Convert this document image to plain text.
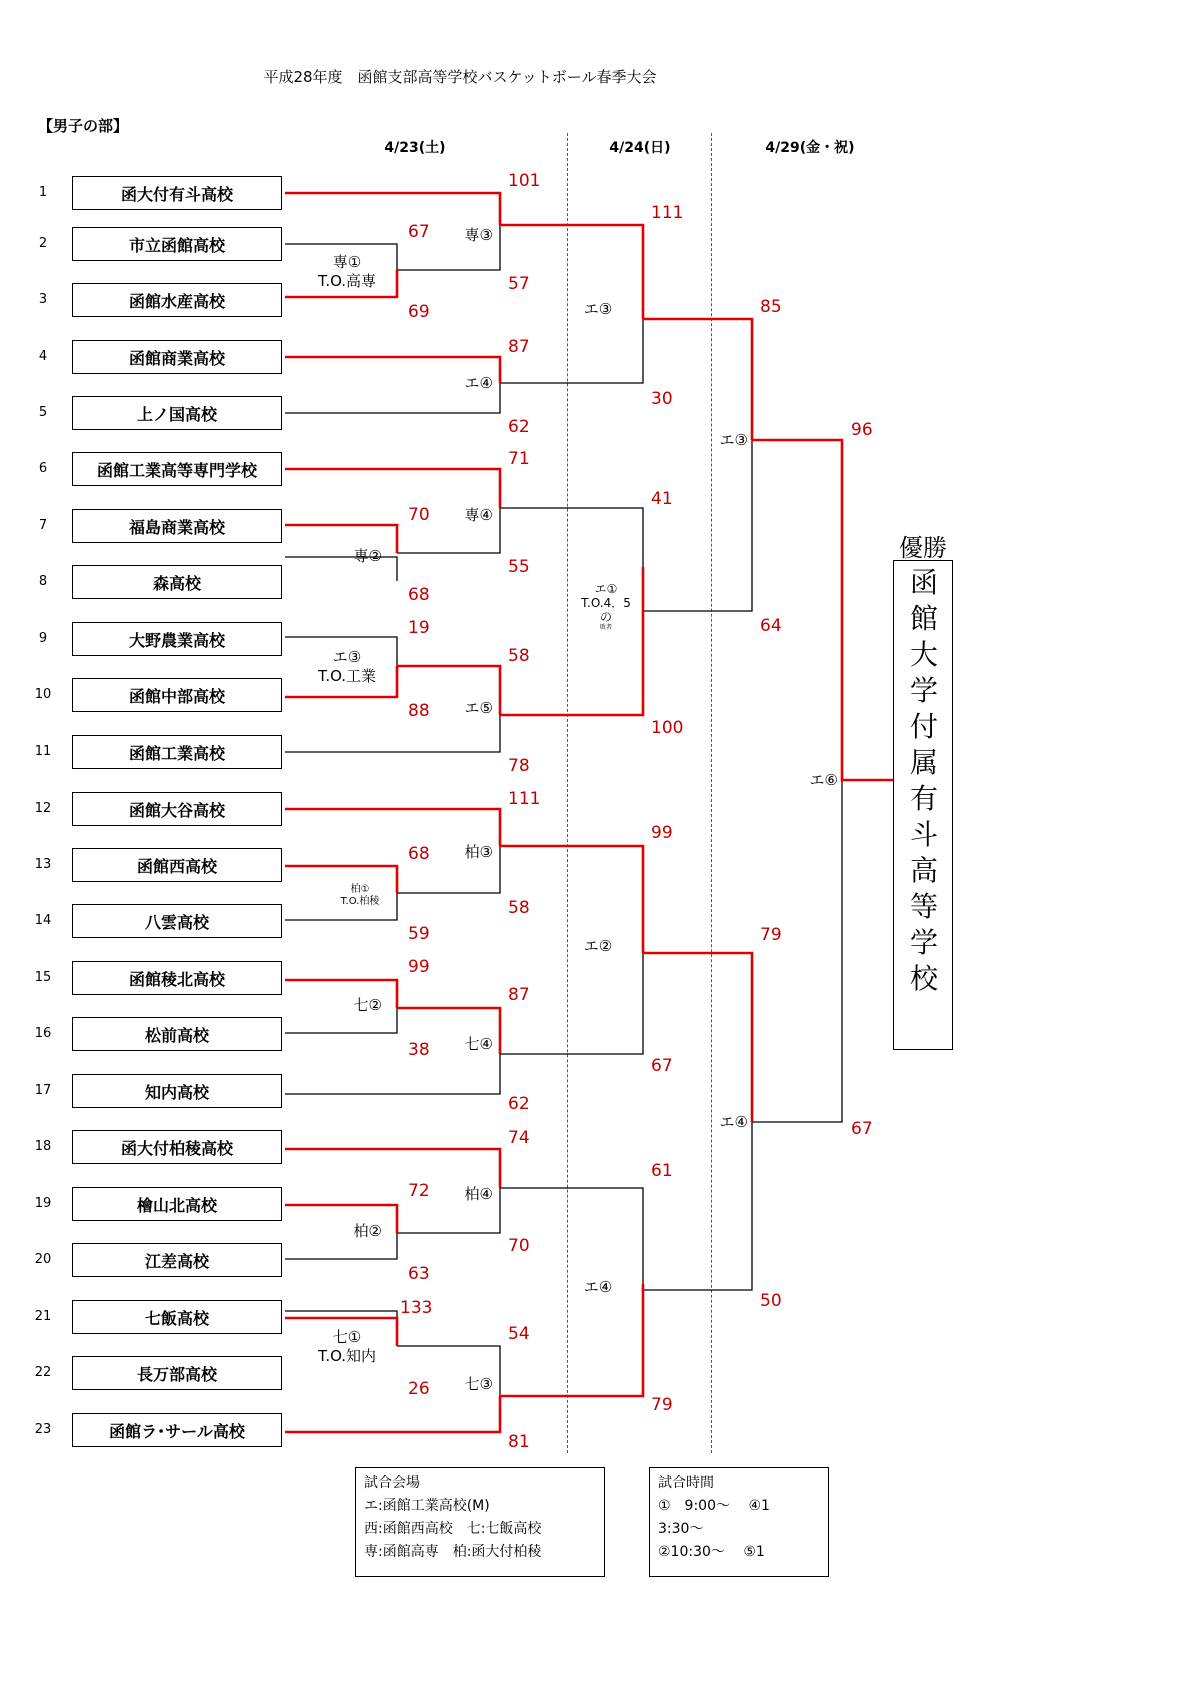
平成28年度　函館支部高等学校バスケットボール春季大会
【男子の部】
4/23(土)	4/24(日)	4/29(金・祝)
1	函大付有斗高校
2	市立函館高校
3	函館水産高校
4	函館商業高校
5	上ノ国高校
6	函館工業高等専門学校
7	福島商業高校
8	森高校
9	大野農業高校
10	函館中部高校
11	函館工業高校
12	函館大谷高校
13	函館西高校
14	八雲高校
15	函館稜北高校
16	松前高校
17	知内高校
18	函大付柏稜高校
19	檜山北高校
20	江差高校
21	七飯高校
22	長万部高校
23	函館ラ･サール高校
専①
T.O.高専
専②
エ③
T.O.工業
柏①
T.O.柏稜
七②
柏②
七①
T.O.知内
専③
エ④
専④
エ⑤
柏③
七④
柏④
七③
エ③
エ①
T.O.4．5
の
敗者
エ②
エ④
エ③
エ④
エ⑥
67
69
101
57
87
62
111
30
71
70
55
68
19
58
88
78
41
100
85
64
96
111
68
58
59
99
87
38
62
99
67
79
74
72
70
63
133
54
26
81
61
79
50
67
優勝
函
館
大
学
付
属
有
斗
高
等
学
校
試合会場
エ:函館工業高校(M)
西:函館西高校　七:七飯高校
専:函館高専　柏:函大付柏稜
試合時間
①　9:00～　 ④1
3:30～
②10:30～　 ⑤1
